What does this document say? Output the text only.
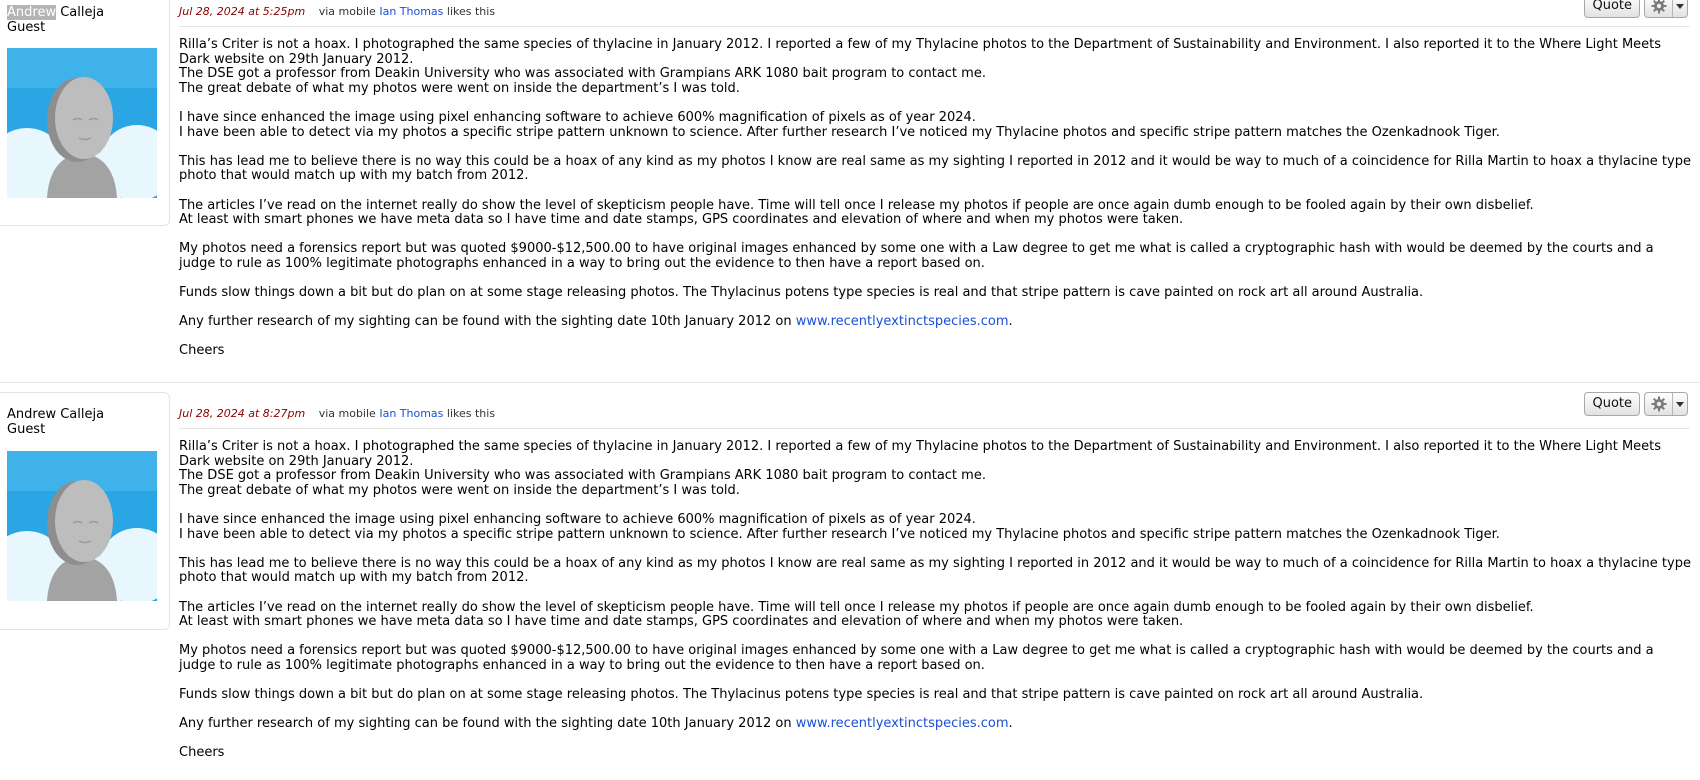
Andrew Calleja
Guest
Jul 28, 2024 at 5:25pm via mobile Ian Thomas likes this	Quote

Rilla’s Criter is not a hoax. I photographed the same species of thylacine in January 2012. I reported a few of my Thylacine photos to the Department of Sustainability and Environment. I also reported it to the Where Light Meets Dark website on 29th January 2012.
The DSE got a professor from Deakin University who was associated with Grampians ARK 1080 bait program to contact me.
The great debate of what my photos were went on inside the department’s I was told.

I have since enhanced the image using pixel enhancing software to achieve 600% magnification of pixels as of year 2024.
I have been able to detect via my photos a specific stripe pattern unknown to science. After further research I’ve noticed my Thylacine photos and specific stripe pattern matches the Ozenkadnook Tiger.

This has lead me to believe there is no way this could be a hoax of any kind as my photos I know are real same as my sighting I reported in 2012 and it would be way to much of a coincidence for Rilla Martin to hoax a thylacine type photo that would match up with my batch from 2012.

The articles I’ve read on the internet really do show the level of skepticism people have. Time will tell once I release my photos if people are once again dumb enough to be fooled again by their own disbelief.
At least with smart phones we have meta data so I have time and date stamps, GPS coordinates and elevation of where and when my photos were taken.

My photos need a forensics report but was quoted $9000-$12,500.00 to have original images enhanced by some one with a Law degree to get me what is called a cryptographic hash with would be deemed by the courts and a judge to rule as 100% legitimate photographs enhanced in a way to bring out the evidence to then have a report based on.

Funds slow things down a bit but do plan on at some stage releasing photos. The Thylacinus potens type species is real and that stripe pattern is cave painted on rock art all around Australia.

Any further research of my sighting can be found with the sighting date 10th January 2012 on www.recentlyextinctspecies.com.

Cheers

Andrew Calleja
Guest
Jul 28, 2024 at 8:27pm via mobile Ian Thomas likes this
Quote

Rilla’s Criter is not a hoax. I photographed the same species of thylacine in January 2012. I reported a few of my Thylacine photos to the Department of Sustainability and Environment. I also reported it to the Where Light Meets Dark website on 29th January 2012.
The DSE got a professor from Deakin University who was associated with Grampians ARK 1080 bait program to contact me.
The great debate of what my photos were went on inside the department’s I was told.

I have since enhanced the image using pixel enhancing software to achieve 600% magnification of pixels as of year 2024.
I have been able to detect via my photos a specific stripe pattern unknown to science. After further research I’ve noticed my Thylacine photos and specific stripe pattern matches the Ozenkadnook Tiger.

This has lead me to believe there is no way this could be a hoax of any kind as my photos I know are real same as my sighting I reported in 2012 and it would be way to much of a coincidence for Rilla Martin to hoax a thylacine type photo that would match up with my batch from 2012.

The articles I’ve read on the internet really do show the level of skepticism people have. Time will tell once I release my photos if people are once again dumb enough to be fooled again by their own disbelief.
At least with smart phones we have meta data so I have time and date stamps, GPS coordinates and elevation of where and when my photos were taken.

My photos need a forensics report but was quoted $9000-$12,500.00 to have original images enhanced by some one with a Law degree to get me what is called a cryptographic hash with would be deemed by the courts and a judge to rule as 100% legitimate photographs enhanced in a way to bring out the evidence to then have a report based on.

Funds slow things down a bit but do plan on at some stage releasing photos. The Thylacinus potens type species is real and that stripe pattern is cave painted on rock art all around Australia.

Any further research of my sighting can be found with the sighting date 10th January 2012 on www.recentlyextinctspecies.com.

Cheers
